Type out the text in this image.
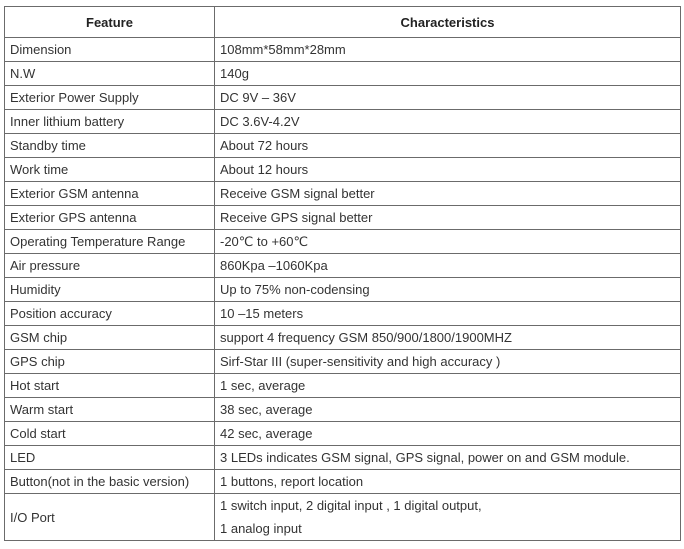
Feature	Characteristics
Dimension	108mm*58mm*28mm
N.W	140g
Exterior Power Supply	DC 9V – 36V
Inner lithium battery	DC 3.6V-4.2V
Standby time	About 72 hours
Work time	About 12 hours
Exterior GSM antenna	Receive GSM signal better
Exterior GPS antenna	Receive GPS signal better
Operating Temperature Range	-20℃ to +60℃
Air pressure	860Kpa –1060Kpa
Humidity	Up to 75% non-codensing
Position accuracy	10 –15 meters
GSM chip	support 4 frequency GSM 850/900/1800/1900MHZ
GPS chip	Sirf-Star III (super-sensitivity and high accuracy )
Hot start	1 sec, average
Warm start	38 sec, average
Cold start	42 sec, average
LED	3 LEDs indicates GSM signal, GPS signal, power on and GSM module.
Button(not in the basic version)	1 buttons, report location
I/O Port	1 switch input, 2 digital input , 1 digital output,
1 analog input
